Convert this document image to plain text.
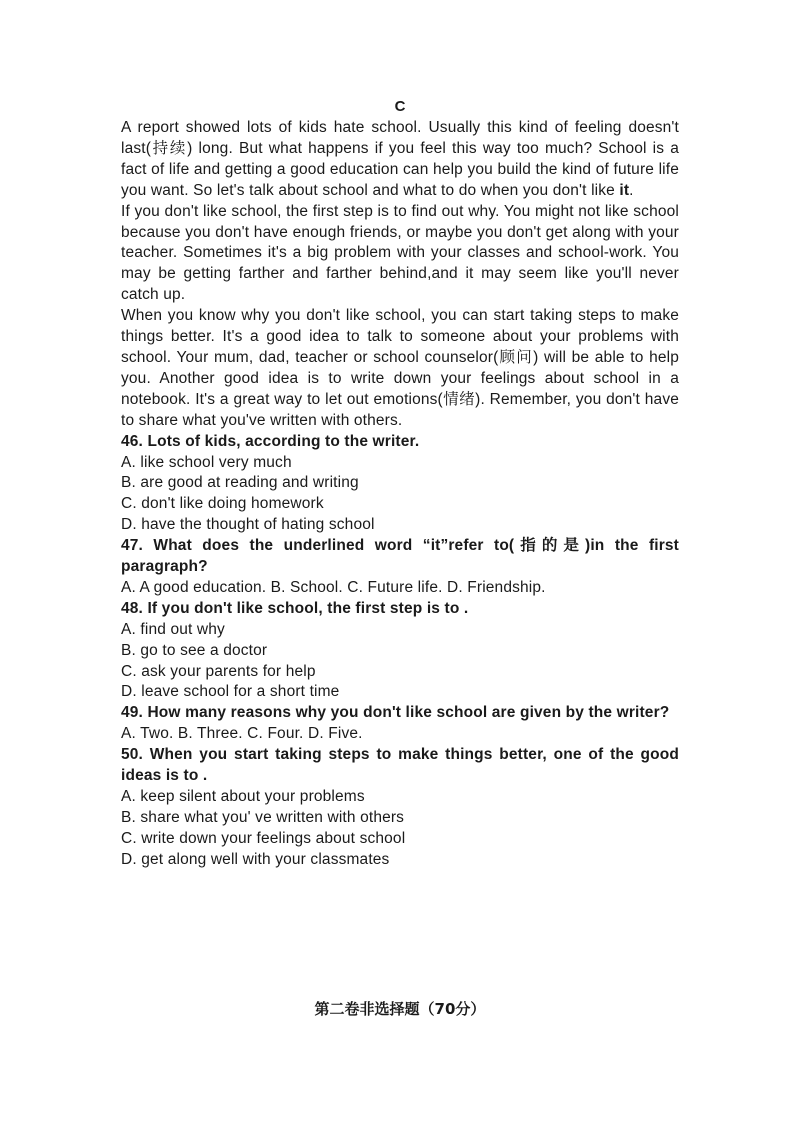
C

A report showed lots of kids hate school. Usually this kind of feeling doesn't last(持续) long. But what happens if you feel this way too much? School is a fact of life and getting a good education can help you build the kind of future life you want. So let's talk about school and what to do when you don't like it.

If you don't like school, the first step is to find out why. You might not like school because you don't have enough friends, or maybe you don't get along with your teacher. Sometimes it's a big problem with your classes and school-work. You may be getting farther and farther behind,and it may seem like you'll never catch up.

When you know why you don't like school, you can start taking steps to make things better. It's a good idea to talk to someone about your problems with school. Your mum, dad, teacher or school counselor(顾问) will be able to help you. Another good idea is to write down your feelings about school in a notebook. It's a great way to let out emotions(情绪). Remember, you don't have to share what you've written with others.

46. Lots of kids, according to the writer.

A. like school very much

B. are good at reading and writing

C. don't like doing homework

D. have the thought of hating school

47. What does the underlined word “it”refer to(指的是)in the first paragraph?

A. A good education. B. School. C. Future life. D. Friendship.

48. If you don't like school, the first step is to .

A. find out why

B. go to see a doctor

C. ask your parents for help

D. leave school for a short time

49. How many reasons why you don't like school are given by the writer?

A. Two. B. Three. C. Four. D. Five.

50. When you start taking steps to make things better, one of the good ideas is to .

A. keep silent about your problems

B. share what you' ve written with others

C. write down your feelings about school

D. get along well with your classmates

第二卷非选择题（70分）
